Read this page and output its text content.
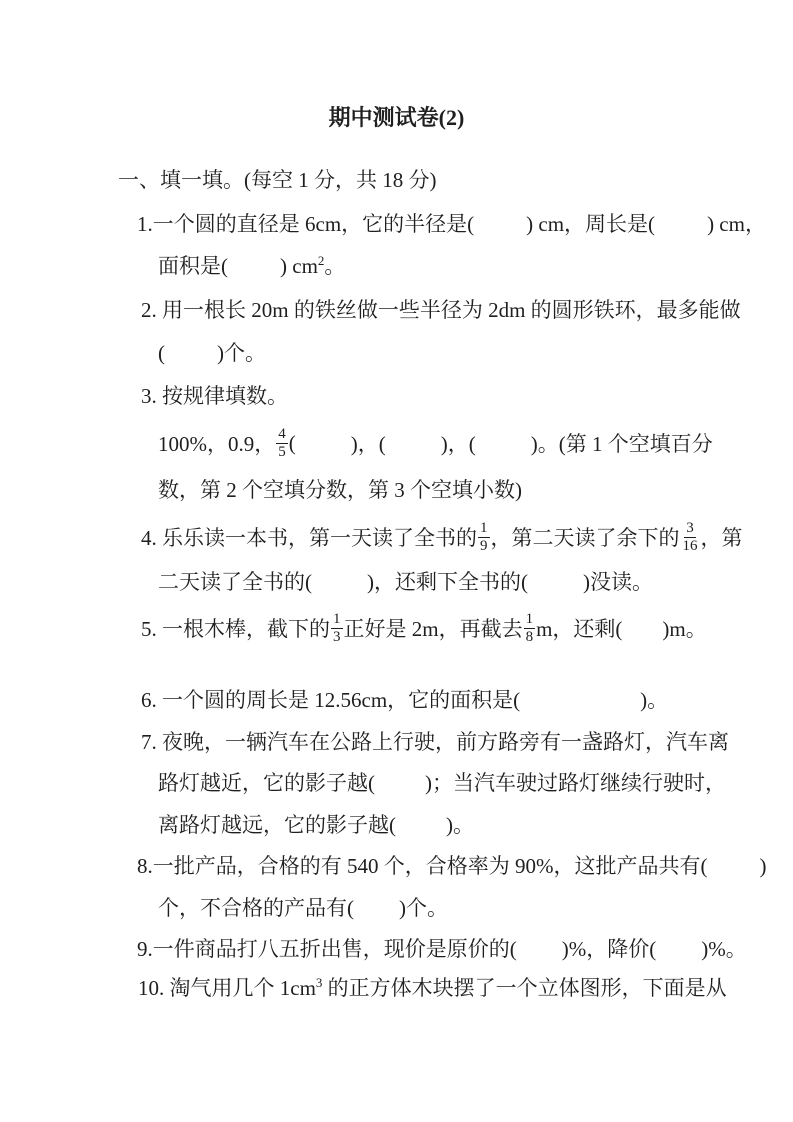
期中测试卷(2)
一、填一填。(每空 1 分，共 18 分)
1.一个圆的直径是 6cm，它的半径是( ) cm，周长是( ) cm，
面积是( ) $cm^2$。
2. 用一根长 20m 的铁丝做一些半径为 2dm 的圆形铁环，最多能做
( )个。
3. 按规律填数。
100%，0.9， $\frac{4}{5}$ (	)，(	)，(	)。(第 1 个空填百分
数，第 2 个空填分数，第 3 个空填小数)
4. 乐乐读一本书，第一天读了全书的 $\frac{1}{9}$ ，第二天读了余下的 $\frac{3}{16}$ ，第
二天读了全书的(	)，还剩下全书的(	)没读。
5. 一根木棒，截下的 $\frac{1}{3}$ 正好是 2m，再截去 $\frac{1}{8}$ m，还剩( )m。
6. 一个圆的周长是 12.56cm，它的面积是(	)。
7. 夜晚，一辆汽车在公路上行驶，前方路旁有一盏路灯，汽车离
路灯越近，它的影子越( )；当汽车驶过路灯继续行驶时，
离路灯越远，它的影子越( )。
8.一批产品，合格的有 540 个，合格率为 90%，这批产品共有( )
个，不合格的产品有( )个。
9.一件商品打八五折出售，现价是原价的( )%，降价( )%。
10. 淘气用几个 $1cm^3$ 的正方体木块摆了一个立体图形，下面是从
